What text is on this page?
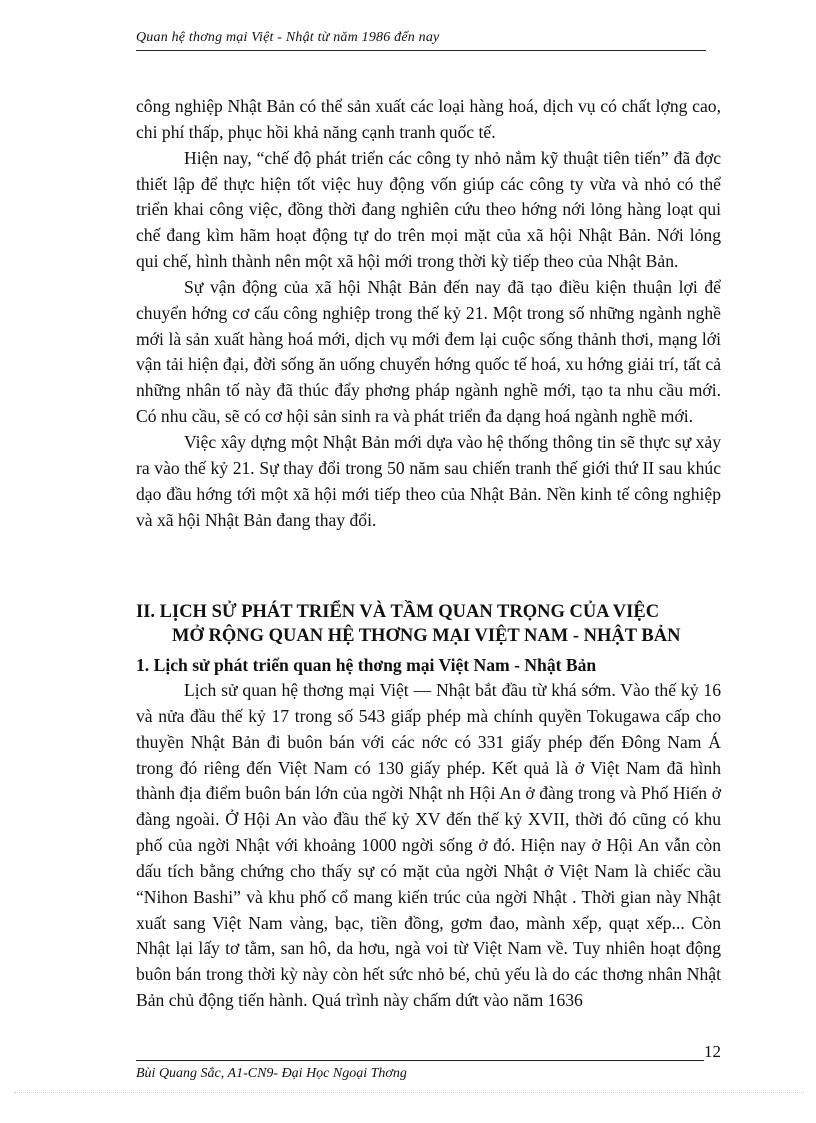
Quan hệ thơng mại Việt - Nhật từ năm 1986 đến nay

công nghiệp Nhật Bản có thể sản xuất các loại hàng hoá, dịch vụ có chất lợng cao, chi phí thấp, phục hồi khả năng cạnh tranh quốc tế.

Hiện nay, “chế độ phát triển các công ty nhỏ nắm kỹ thuật tiên tiến” đã đợc thiết lập để thực hiện tốt việc huy động vốn giúp các công ty vừa và nhỏ có thể triển khai công việc, đồng thời đang nghiên cứu theo hớng nới lỏng hàng loạt qui chế đang kìm hãm hoạt động tự do trên mọi mặt của xã hội Nhật Bản. Nới lỏng qui chế, hình thành nên một xã hội mới trong thời kỳ tiếp theo của Nhật Bản.

Sự vận động của xã hội Nhật Bản đến nay đã tạo điều kiện thuận lợi để chuyển hớng cơ cấu công nghiệp trong thế kỷ 21. Một trong số những ngành nghề mới là sản xuất hàng hoá mới, dịch vụ mới đem lại cuộc sống thảnh thơi, mạng lới vận tải hiện đại, đời sống ăn uống chuyển hớng quốc tế hoá, xu hớng giải trí, tất cả những nhân tố này đã thúc đẩy phơng pháp ngành nghề mới, tạo ta nhu cầu mới. Có nhu cầu, sẽ có cơ hội sản sinh ra và phát triển đa dạng hoá ngành nghề mới.

Việc xây dựng một Nhật Bản mới dựa vào hệ thống thông tin sẽ thực sự xảy ra vào thế kỷ 21. Sự thay đổi trong 50 năm sau chiến tranh thế giới thứ II sau khúc dạo đầu hớng tới một xã hội mới tiếp theo của Nhật Bản. Nền kinh tế công nghiệp và xã hội Nhật Bản đang thay đổi.

II. LỊCH SỬ PHÁT TRIỂN VÀ TẦM QUAN TRỌNG CỦA VIỆC
MỞ RỘNG QUAN HỆ THƠNG MẠI VIỆT NAM - NHẬT BẢN
1. Lịch sử phát triển quan hệ thơng mại Việt Nam - Nhật Bản

Lịch sử quan hệ thơng mại Việt — Nhật bắt đầu từ khá sớm. Vào thế kỷ 16 và nửa đầu thế kỷ 17 trong số 543 giấp phép mà chính quyền Tokugawa cấp cho thuyền Nhật Bản đi buôn bán với các nớc có 331 giấy phép đến Đông Nam Á trong đó riêng đến Việt Nam có 130 giấy phép. Kết quả là ở Việt Nam đã hình thành địa điểm buôn bán lớn của ngời Nhật nh Hội An ở đàng trong và Phố Hiến ở đàng ngoài. Ở Hội An vào đầu thế kỷ XV đến thế kỷ XVII, thời đó cũng có khu phố của ngời Nhật với khoảng 1000 ngời sống ở đó. Hiện nay ở Hội An vẫn còn dấu tích bằng chứng cho thấy sự có mặt của ngời Nhật ở Việt Nam là chiếc cầu “Nihon Bashi” và khu phố cổ mang kiến trúc của ngời Nhật . Thời gian này Nhật xuất sang Việt Nam vàng, bạc, tiền đồng, gơm đao, mành xếp, quạt xếp... Còn Nhật lại lấy tơ tằm, san hô, da hơu, ngà voi từ Việt Nam về. Tuy nhiên hoạt động buôn bán trong thời kỳ này còn hết sức nhỏ bé, chủ yếu là do các thơng nhân Nhật Bản chủ động tiến hành. Quá trình này chấm dứt vào năm 1636

12
Bùi Quang Sắc, A1-CN9- Đại Học Ngoại Thơng
